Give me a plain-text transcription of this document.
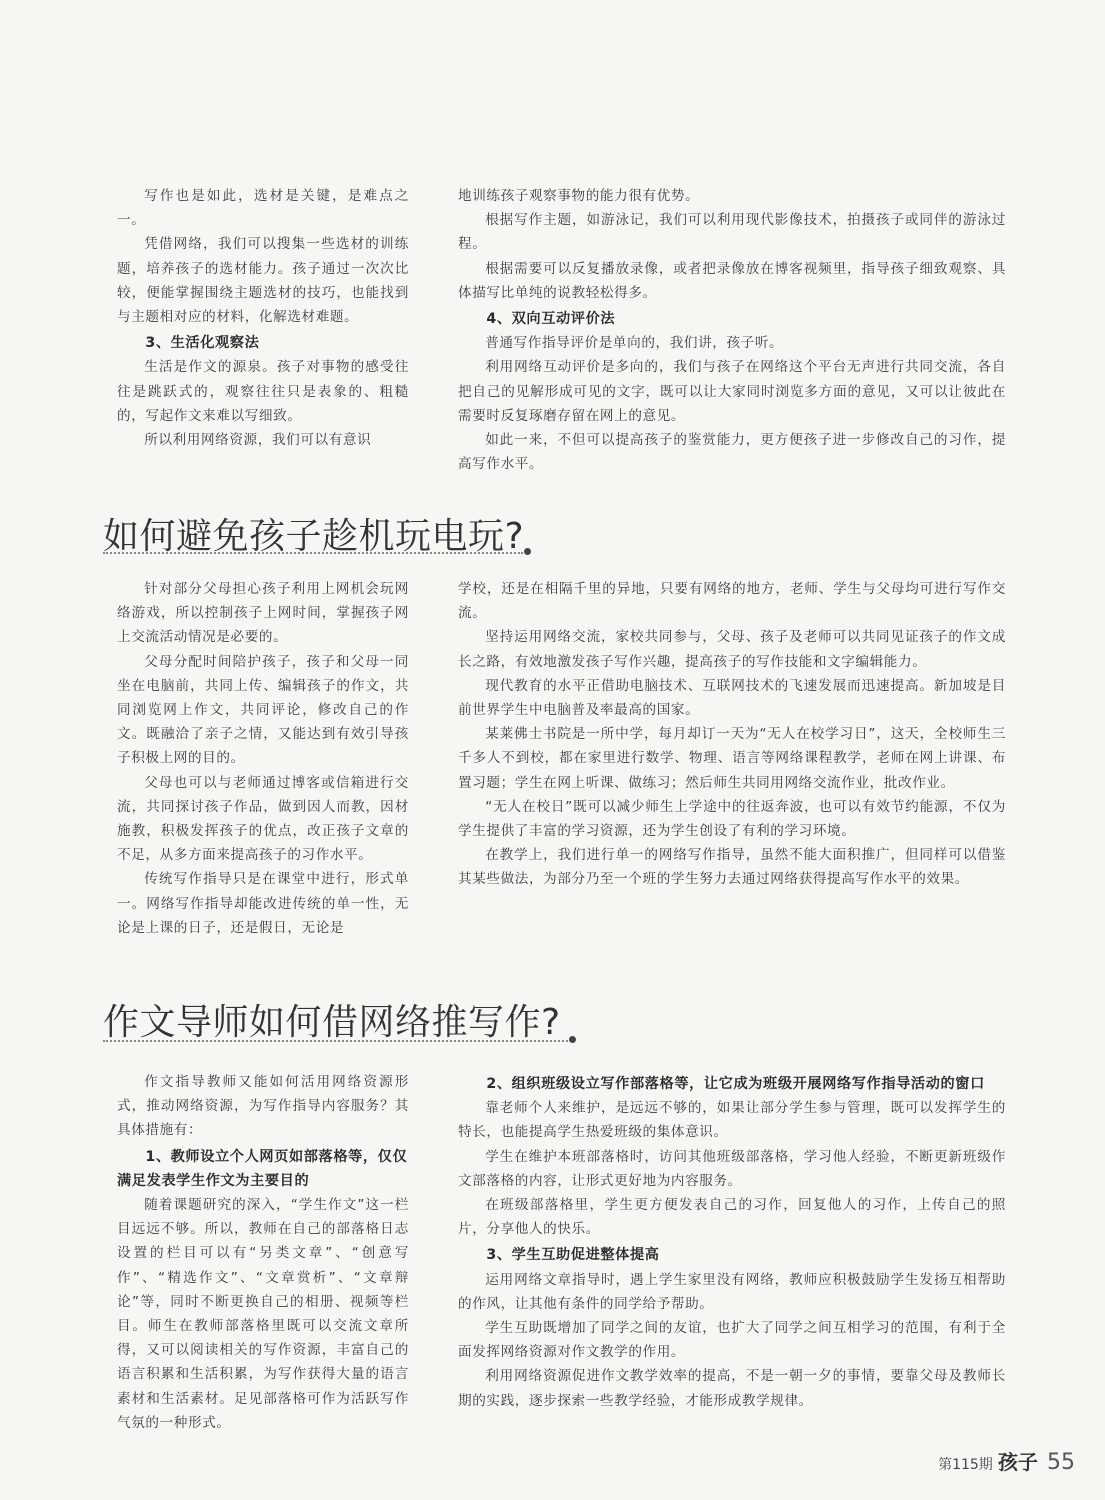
写作也是如此，选材是关键，是难点之一。

凭借网络，我们可以搜集一些选材的训练题，培养孩子的选材能力。孩子通过一次次比较，便能掌握围绕主题选材的技巧，也能找到与主题相对应的材料，化解选材难题。

3、生活化观察法

生活是作文的源泉。孩子对事物的感受往往是跳跃式的，观察往往只是表象的、粗糙的，写起作文来难以写细致。

所以利用网络资源，我们可以有意识

地训练孩子观察事物的能力很有优势。

根据写作主题，如游泳记，我们可以利用现代影像技术，拍摄孩子或同伴的游泳过程。

根据需要可以反复播放录像，或者把录像放在博客视频里，指导孩子细致观察、具体描写比单纯的说教轻松得多。

4、双向互动评价法

普通写作指导评价是单向的，我们讲，孩子听。

利用网络互动评价是多向的，我们与孩子在网络这个平台无声进行共同交流，各自把自己的见解形成可见的文字，既可以让大家同时浏览多方面的意见，又可以让彼此在需要时反复琢磨存留在网上的意见。

如此一来，不但可以提高孩子的鉴赏能力，更方便孩子进一步修改自己的习作，提高写作水平。

如何避免孩子趁机玩电玩?

针对部分父母担心孩子利用上网机会玩网络游戏，所以控制孩子上网时间，掌握孩子网上交流活动情况是必要的。

父母分配时间陪护孩子，孩子和父母一同坐在电脑前，共同上传、编辑孩子的作文，共同浏览网上作文，共同评论，修改自己的作文。既融洽了亲子之情，又能达到有效引导孩子积极上网的目的。

父母也可以与老师通过博客或信箱进行交流，共同探讨孩子作品，做到因人而教，因材施教，积极发挥孩子的优点，改正孩子文章的不足，从多方面来提高孩子的习作水平。

传统写作指导只是在课堂中进行，形式单一。网络写作指导却能改进传统的单一性，无论是上课的日子，还是假日，无论是

学校，还是在相隔千里的异地，只要有网络的地方，老师、学生与父母均可进行写作交流。

坚持运用网络交流，家校共同参与，父母、孩子及老师可以共同见证孩子的作文成长之路，有效地激发孩子写作兴趣，提高孩子的写作技能和文字编辑能力。

现代教育的水平正借助电脑技术、互联网技术的飞速发展而迅速提高。新加坡是目前世界学生中电脑普及率最高的国家。

某莱佛士书院是一所中学，每月却订一天为“无人在校学习日”，这天，全校师生三千多人不到校，都在家里进行数学、物理、语言等网络课程教学，老师在网上讲课、布置习题；学生在网上听课、做练习；然后师生共同用网络交流作业，批改作业。

“无人在校日”既可以减少师生上学途中的往返奔波，也可以有效节约能源，不仅为学生提供了丰富的学习资源，还为学生创设了有利的学习环境。

在教学上，我们进行单一的网络写作指导，虽然不能大面积推广，但同样可以借鉴其某些做法，为部分乃至一个班的学生努力去通过网络获得提高写作水平的效果。

作文导师如何借网络推写作?

作文指导教师又能如何活用网络资源形式，推动网络资源，为写作指导内容服务？其具体措施有：

1、教师设立个人网页如部落格等，仅仅满足发表学生作文为主要目的

随着课题研究的深入，“学生作文”这一栏目远远不够。所以，教师在自己的部落格日志设置的栏目可以有“另类文章”、“创意写作”、“精选作文”、“文章赏析”、“文章辩论”等，同时不断更换自己的相册、视频等栏目。师生在教师部落格里既可以交流文章所得，又可以阅读相关的写作资源，丰富自己的语言积累和生活积累，为写作获得大量的语言素材和生活素材。足见部落格可作为活跃写作气氛的一种形式。

2、组织班级设立写作部落格等，让它成为班级开展网络写作指导活动的窗口

靠老师个人来维护，是远远不够的，如果让部分学生参与管理，既可以发挥学生的特长，也能提高学生热爱班级的集体意识。

学生在维护本班部落格时，访问其他班级部落格，学习他人经验，不断更新班级作文部落格的内容，让形式更好地为内容服务。

在班级部落格里，学生更方便发表自己的习作，回复他人的习作，上传自己的照片，分享他人的快乐。

3、学生互助促进整体提高

运用网络文章指导时，遇上学生家里没有网络，教师应积极鼓励学生发扬互相帮助的作风，让其他有条件的同学给予帮助。

学生互助既增加了同学之间的友谊，也扩大了同学之间互相学习的范围，有利于全面发挥网络资源对作文教学的作用。

利用网络资源促进作文教学效率的提高，不是一朝一夕的事情，要靠父母及教师长期的实践，逐步探索一些教学经验，才能形成教学规律。

第115期 孩子 55
